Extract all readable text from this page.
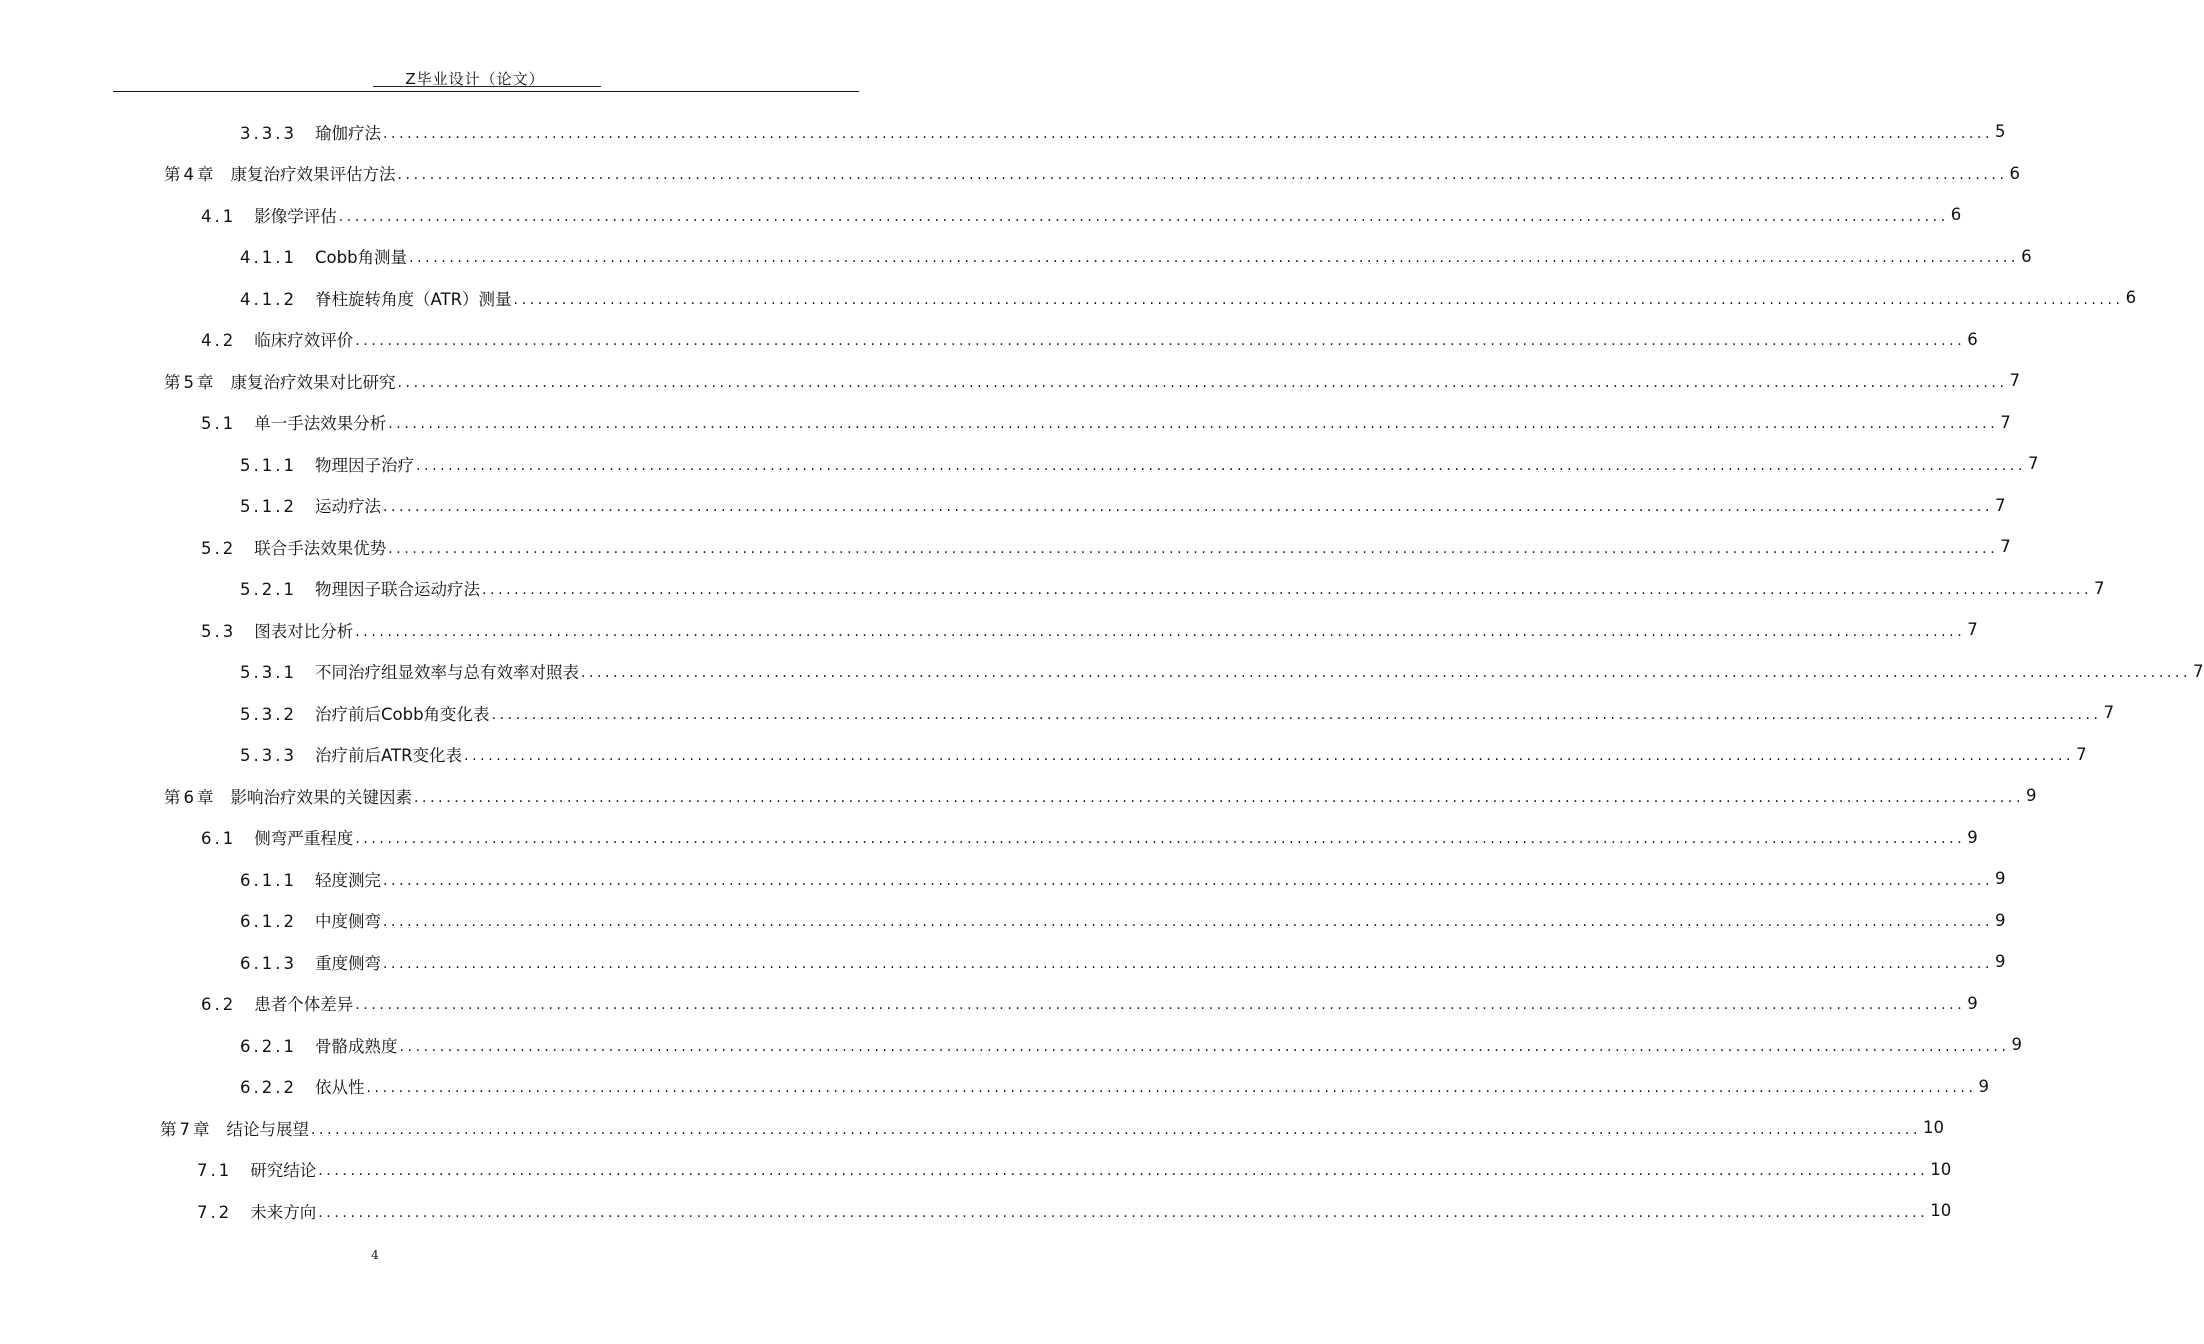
Z毕业设计（论文）
3.3.3 瑜伽疗法 ........................................................................................................................................................................................................ 5
第4章 康复治疗效果评估方法 ........................................................................................................................................................................................................ 6
4.1 影像学评估 ........................................................................................................................................................................................................ 6
4.1.1 Cobb角测量 ........................................................................................................................................................................................................ 6
4.1.2 脊柱旋转角度（ATR）测量 ........................................................................................................................................................................................................ 6
4.2 临床疗效评价 ........................................................................................................................................................................................................ 6
第5章 康复治疗效果对比研究 ........................................................................................................................................................................................................ 7
5.1 单一手法效果分析 ........................................................................................................................................................................................................ 7
5.1.1 物理因子治疗 ........................................................................................................................................................................................................ 7
5.1.2 运动疗法 ........................................................................................................................................................................................................ 7
5.2 联合手法效果优势 ........................................................................................................................................................................................................ 7
5.2.1 物理因子联合运动疗法 ........................................................................................................................................................................................................ 7
5.3 图表对比分析 ........................................................................................................................................................................................................ 7
5.3.1 不同治疗组显效率与总有效率对照表 ........................................................................................................................................................................................................ 7
5.3.2 治疗前后Cobb角变化表 ........................................................................................................................................................................................................ 7
5.3.3 治疗前后ATR变化表 ........................................................................................................................................................................................................ 7
第6章 影响治疗效果的关键因素 ........................................................................................................................................................................................................ 9
6.1 侧弯严重程度 ........................................................................................................................................................................................................ 9
6.1.1 轻度测完 ........................................................................................................................................................................................................ 9
6.1.2 中度侧弯 ........................................................................................................................................................................................................ 9
6.1.3 重度侧弯 ........................................................................................................................................................................................................ 9
6.2 患者个体差异 ........................................................................................................................................................................................................ 9
6.2.1 骨骼成熟度 ........................................................................................................................................................................................................ 9
6.2.2 依从性 ........................................................................................................................................................................................................ 9
第7章 结论与展望 ........................................................................................................................................................................................................ 10
7.1 研究结论 ........................................................................................................................................................................................................ 10
7.2 未来方向 ........................................................................................................................................................................................................ 10
4
